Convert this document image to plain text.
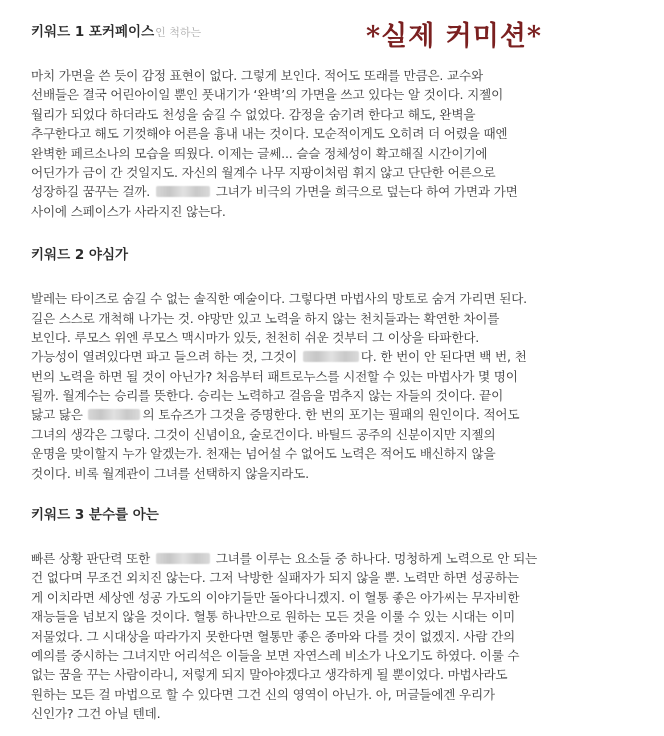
키워드 1 포커페이스인 척하는	*실제 커미션*
마치 가면을 쓴 듯이 감정 표현이 없다. 그렇게 보인다. 적어도 또래를 만큼은. 교수와
선배들은 결국 어린아이일 뿐인 풋내기가 ‘완벽’의 가면을 쓰고 있다는 알 것이다. 지젤이
월리가 되었다 하더라도 천성을 숨길 수 없었다. 감정을 숨기려 한다고 해도, 완벽을
추구한다고 해도 기껏해야 어른을 흉내 내는 것이다. 모순적이게도 오히려 더 어렸을 때엔
완벽한 페르소나의 모습을 띄웠다. 이제는 글쎄... 슬슬 정체성이 확고해질 시간이기에
어딘가가 금이 간 것일지도. 자신의 월계수 나무 지팡이처럼 휘지 않고 단단한 어른으로
성장하길 꿈꾸는 걸까.	그녀가 비극의 가면을 희극으로 덮는다 하여 가면과 가면
사이에 스페이스가 사라지진 않는다.
키워드 2 야심가
발레는 타이즈로 숨길 수 없는 솔직한 예술이다. 그렇다면 마법사의 망토로 숨겨 가리면 된다.
길은 스스로 개척해 나가는 것. 야망만 있고 노력을 하지 않는 천치들과는 확연한 차이를
보인다. 루모스 위엔 루모스 맥시마가 있듯, 천천히 쉬운 것부터 그 이상을 타파한다.
가능성이 열려있다면 파고 들으려 하는 것, 그것이	다. 한 번이 안 된다면 백 번, 천
번의 노력을 하면 될 것이 아닌가? 처음부터 패트로누스를 시전할 수 있는 마법사가 몇 명이
될까. 월계수는 승리를 뜻한다. 승리는 노력하고 걸음을 멈추지 않는 자들의 것이다. 끝이
닳고 닳은	의 토슈즈가 그것을 증명한다. 한 번의 포기는 필패의 원인이다. 적어도
그녀의 생각은 그렇다. 그것이 신념이요, 술로건이다. 바틸드 공주의 신분이지만 지젤의
운명을 맞이할지 누가 알겠는가. 천재는 넘어설 수 없어도 노력은 적어도 배신하지 않을
것이다. 비록 월계관이 그녀를 선택하지 않을지라도.
키워드 3 분수를 아는
빠른 상황 판단력 또한	그녀를 이루는 요소들 중 하나다. 멍청하게 노력으로 안 되는
건 없다며 무조건 외치진 않는다. 그저 낙방한 실패자가 되지 않을 뿐. 노력만 하면 성공하는
게 이치라면 세상엔 성공 가도의 이야기들만 돌아다니겠지. 이 혈통 좋은 아가씨는 무자비한
재능들을 넘보지 않을 것이다. 혈통 하나만으로 원하는 모든 것을 이룰 수 있는 시대는 이미
저물었다. 그 시대상을 따라가지 못한다면 혈통만 좋은 종마와 다를 것이 없겠지. 사람 간의
예의를 중시하는 그녀지만 어리석은 이들을 보면 자연스레 비소가 나오기도 하였다. 이룰 수
없는 꿈을 꾸는 사람이라니, 저렇게 되지 말아야겠다고 생각하게 될 뿐이었다. 마법사라도
원하는 모든 걸 마법으로 할 수 있다면 그건 신의 영역이 아닌가. 아, 머글들에겐 우리가
신인가? 그건 아닐 텐데.
